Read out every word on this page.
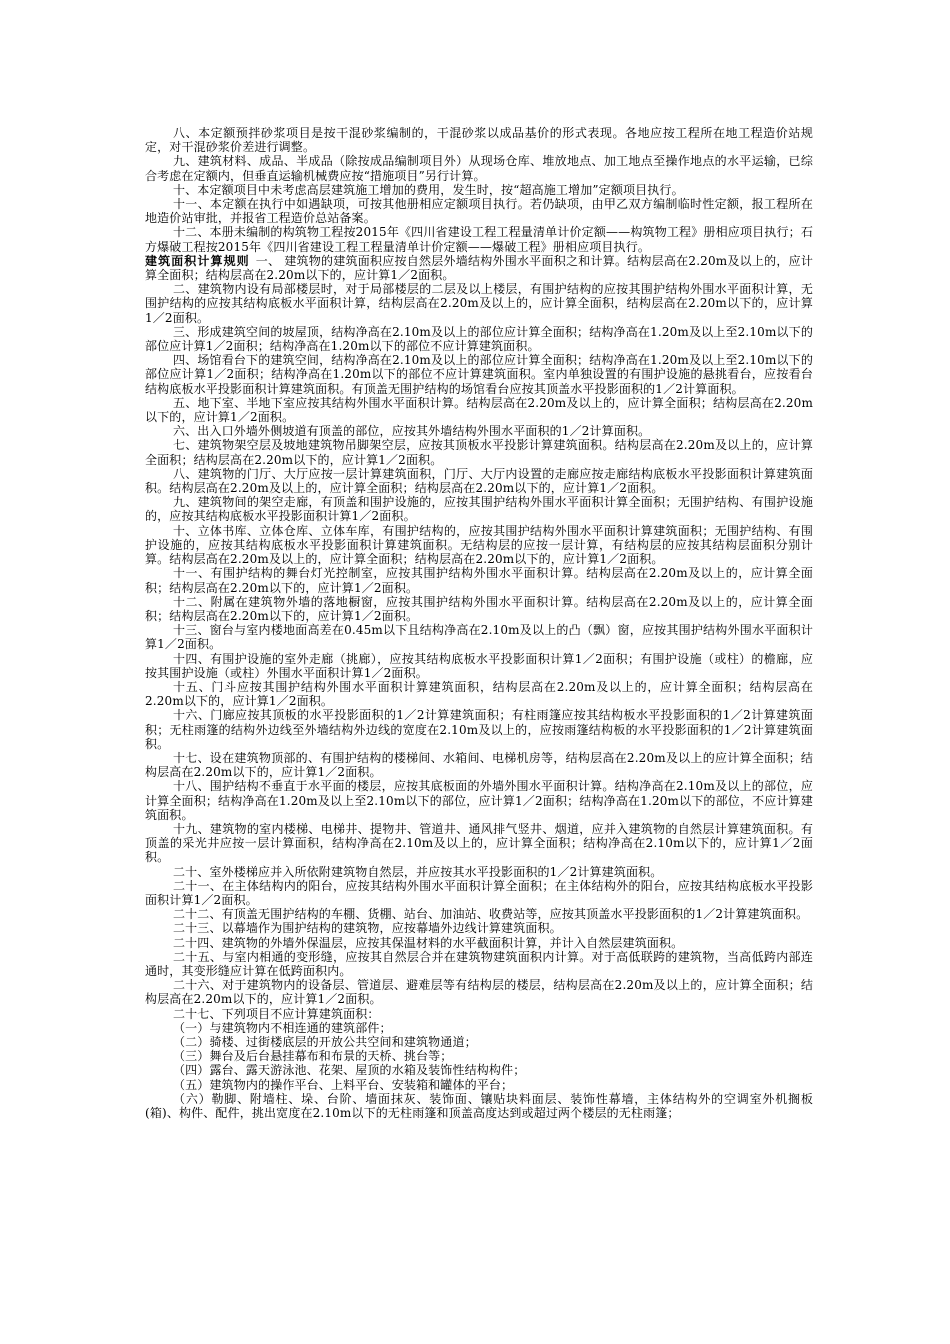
八、本定额预拌砂浆项目是按干混砂浆编制的，干混砂浆以成品基价的形式表现。各地应按工程所在地工程造价站规定，对干混砂浆价差进行调整。

九、建筑材料、成品、半成品（除按成品编制项目外）从现场仓库、堆放地点、加工地点至操作地点的水平运输，已综合考虑在定额内，但垂直运输机械费应按“措施项目”另行计算。

十、本定额项目中未考虑高层建筑施工增加的费用，发生时，按“超高施工增加”定额项目执行。

十一、本定额在执行中如遇缺项，可按其他册相应定额项目执行。若仍缺项，由甲乙双方编制临时性定额，报工程所在地造价站审批，并报省工程造价总站备案。

十二、本册未编制的构筑物工程按2015年《四川省建设工程工程量清单计价定额——构筑物工程》册相应项目执行；石方爆破工程按2015年《四川省建设工程工程量清单计价定额——爆破工程》册相应项目执行。

建筑面积计算规则 一、 建筑物的建筑面积应按自然层外墙结构外围水平面积之和计算。结构层高在2.20m及以上的，应计算全面积；结构层高在2.20m以下的，应计算1／2面积。

二、建筑物内设有局部楼层时，对于局部楼层的二层及以上楼层，有围护结构的应按其围护结构外围水平面积计算，无围护结构的应按其结构底板水平面积计算，结构层高在2.20m及以上的，应计算全面积，结构层高在2.20m以下的，应计算1／2面积。

三、形成建筑空间的坡屋顶，结构净高在2.10m及以上的部位应计算全面积；结构净高在1.20m及以上至2.10m以下的部位应计算1／2面积；结构净高在1.20m以下的部位不应计算建筑面积。

四、场馆看台下的建筑空间，结构净高在2.10m及以上的部位应计算全面积；结构净高在1.20m及以上至2.10m以下的部位应计算1／2面积；结构净高在1.20m以下的部位不应计算建筑面积。室内单独设置的有围护设施的悬挑看台，应按看台结构底板水平投影面积计算建筑面积。有顶盖无围护结构的场馆看台应按其顶盖水平投影面积的1／2计算面积。

五、地下室、半地下室应按其结构外围水平面积计算。结构层高在2.20m及以上的，应计算全面积；结构层高在2.20m以下的，应计算1／2面积。

六、出入口外墙外侧坡道有顶盖的部位，应按其外墙结构外围水平面积的1／2计算面积。

七、建筑物架空层及坡地建筑物吊脚架空层，应按其顶板水平投影计算建筑面积。结构层高在2.20m及以上的，应计算全面积；结构层高在2.20m以下的，应计算1／2面积。

八、建筑物的门厅、大厅应按一层计算建筑面积，门厅、大厅内设置的走廊应按走廊结构底板水平投影面积计算建筑面积。结构层高在2.20m及以上的，应计算全面积；结构层高在2.20m以下的，应计算1／2面积。

九、建筑物间的架空走廊，有顶盖和围护设施的，应按其围护结构外围水平面积计算全面积；无围护结构、有围护设施的，应按其结构底板水平投影面积计算1／2面积。

十、立体书库、立体仓库、立体车库，有围护结构的，应按其围护结构外围水平面积计算建筑面积；无围护结构、有围护设施的，应按其结构底板水平投影面积计算建筑面积。无结构层的应按一层计算，有结构层的应按其结构层面积分别计算。结构层高在2.20m及以上的，应计算全面积；结构层高在2.20m以下的，应计算1／2面积。

十一、有围护结构的舞台灯光控制室，应按其围护结构外围水平面积计算。结构层高在2.20m及以上的，应计算全面积；结构层高在2.20m以下的，应计算1／2面积。

十二、附属在建筑物外墙的落地橱窗，应按其围护结构外围水平面积计算。结构层高在2.20m及以上的，应计算全面积；结构层高在2.20m以下的，应计算1／2面积。

十三、窗台与室内楼地面高差在0.45m以下且结构净高在2.10m及以上的凸（飘）窗，应按其围护结构外围水平面积计算1／2面积。

十四、有围护设施的室外走廊（挑廊），应按其结构底板水平投影面积计算1／2面积；有围护设施（或柱）的檐廊，应按其围护设施（或柱）外围水平面积计算1／2面积。

十五、门斗应按其围护结构外围水平面积计算建筑面积，结构层高在2.20m及以上的，应计算全面积；结构层高在2.20m以下的，应计算1／2面积。

十六、门廊应按其顶板的水平投影面积的1／2计算建筑面积；有柱雨篷应按其结构板水平投影面积的1／2计算建筑面积；无柱雨篷的结构外边线至外墙结构外边线的宽度在2.10m及以上的，应按雨篷结构板的水平投影面积的1／2计算建筑面积。

十七、设在建筑物顶部的、有围护结构的楼梯间、水箱间、电梯机房等，结构层高在2.20m及以上的应计算全面积；结构层高在2.20m以下的，应计算1／2面积。

十八、围护结构不垂直于水平面的楼层，应按其底板面的外墙外围水平面积计算。结构净高在2.10m及以上的部位，应计算全面积；结构净高在1.20m及以上至2.10m以下的部位，应计算1／2面积；结构净高在1.20m以下的部位，不应计算建筑面积。

十九、建筑物的室内楼梯、电梯井、提物井、管道井、通风排气竖井、烟道，应并入建筑物的自然层计算建筑面积。有顶盖的采光井应按一层计算面积，结构净高在2.10m及以上的，应计算全面积；结构净高在2.10m以下的，应计算1／2面积。

二十、室外楼梯应并入所依附建筑物自然层，并应按其水平投影面积的1／2计算建筑面积。

二十一、在主体结构内的阳台，应按其结构外围水平面积计算全面积；在主体结构外的阳台，应按其结构底板水平投影面积计算1／2面积。

二十二、有顶盖无围护结构的车棚、货棚、站台、加油站、收费站等，应按其顶盖水平投影面积的1／2计算建筑面积。

二十三、以幕墙作为围护结构的建筑物，应按幕墙外边线计算建筑面积。

二十四、建筑物的外墙外保温层，应按其保温材料的水平截面积计算，并计入自然层建筑面积。

二十五、与室内相通的变形缝，应按其自然层合并在建筑物建筑面积内计算。对于高低联跨的建筑物，当高低跨内部连通时，其变形缝应计算在低跨面积内。

二十六、对于建筑物内的设备层、管道层、避难层等有结构层的楼层，结构层高在2.20m及以上的，应计算全面积；结构层高在2.20m以下的，应计算1／2面积。

二十七、下列项目不应计算建筑面积：

（一）与建筑物内不相连通的建筑部件；

（二）骑楼、过街楼底层的开放公共空间和建筑物通道；

（三）舞台及后台悬挂幕布和布景的天桥、挑台等；

（四）露台、露天游泳池、花架、屋顶的水箱及装饰性结构构件；

（五）建筑物内的操作平台、上料平台、安装箱和罐体的平台；

（六）勒脚、附墙柱、垛、台阶、墙面抹灰、装饰面、镶贴块料面层、装饰性幕墙，主体结构外的空调室外机搁板(箱)、构件、配件，挑出宽度在2.10m以下的无柱雨篷和顶盖高度达到或超过两个楼层的无柱雨篷；
